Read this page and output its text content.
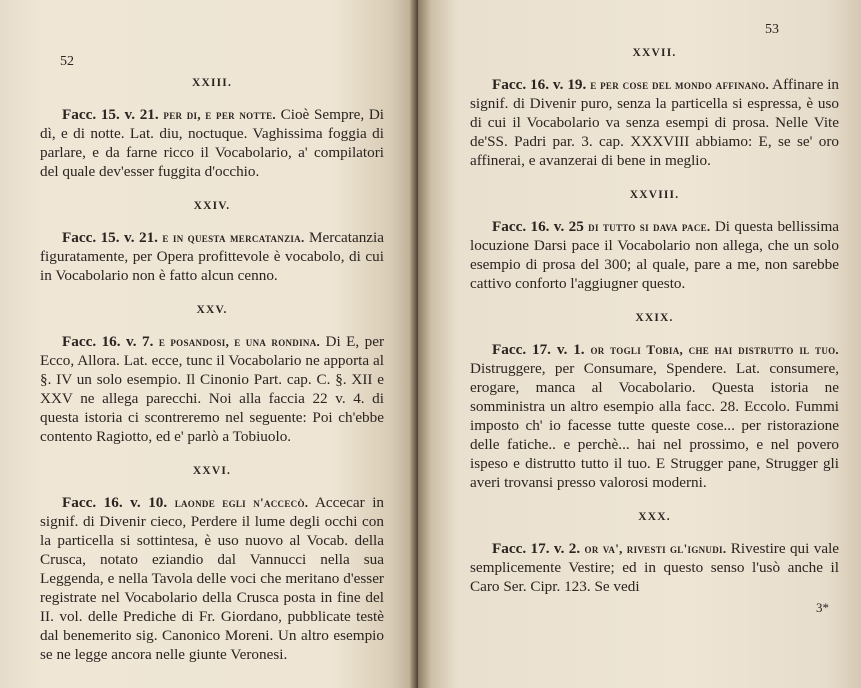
52
XXIII.

Facc. 15. v. 21. per di, e per notte. Cioè Sempre, Di dì, e di notte. Lat. diu, noctuque. Vaghissima foggia di parlare, e da farne ricco il Vocabolario, a' compilatori del quale dev'esser fuggita d'occhio.

XXIV.

Facc. 15. v. 21. e in questa mercatanzia. Mercatanzia figuratamente, per Opera profittevole è vocabolo, di cui in Vocabolario non è fatto alcun cenno.

XXV.

Facc. 16. v. 7. e posandosi, e una rondina. Di E, per Ecco, Allora. Lat. ecce, tunc il Vocabolario ne apporta al §. IV un solo esempio. Il Cinonio Part. cap. C. §. XII e XXV ne allega parecchi. Noi alla faccia 22 v. 4. di questa istoria ci scontreremo nel seguente: Poi ch'ebbe contento Ragiotto, ed e' parlò a Tobiuolo.

XXVI.

Facc. 16. v. 10. laonde egli n'accecò. Accecar in signif. di Divenir cieco, Perdere il lume degli occhi con la particella si sottintesa, è uso nuovo al Vocab. della Crusca, notato eziandio dal Vannucci nella sua Leggenda, e nella Tavola delle voci che meritano d'esser registrate nel Vocabolario della Crusca posta in fine del II. vol. delle Prediche di Fr. Giordano, pubblicate testè dal benemerito sig. Canonico Moreni. Un altro esempio se ne legge ancora nelle giunte Veronesi.

53
XXVII.

Facc. 16. v. 19. e per cose del mondo affinano. Affinare in signif. di Divenir puro, senza la particella si espressa, è uso di cui il Vocabolario va senza esempi di prosa. Nelle Vite de'SS. Padri par. 3. cap. XXXVIII abbiamo: E, se se' oro affinerai, e avanzerai di bene in meglio.

XXVIII.

Facc. 16. v. 25 di tutto si dava pace. Di questa bellissima locuzione Darsi pace il Vocabolario non allega, che un solo esempio di prosa del 300; al quale, pare a me, non sarebbe cattivo conforto l'aggiugner questo.

XXIX.

Facc. 17. v. 1. or togli Tobia, che hai distrutto il tuo. Distruggere, per Consumare, Spendere. Lat. consumere, erogare, manca al Vocabolario. Questa istoria ne somministra un altro esempio alla facc. 28. Eccolo. Fummi imposto ch' io facesse tutte queste cose... per ristorazione delle fatiche.. e perchè... hai nel prossimo, e nel povero ispeso e distrutto tutto il tuo. E Strugger pane, Strugger gli averi trovansi presso valorosi moderni.

XXX.

Facc. 17. v. 2. or va', rivesti gl'ignudi. Rivestire qui vale semplicemente Vestire; ed in questo senso l'usò anche il Caro Ser. Cipr. 123. Se vedi

3*
